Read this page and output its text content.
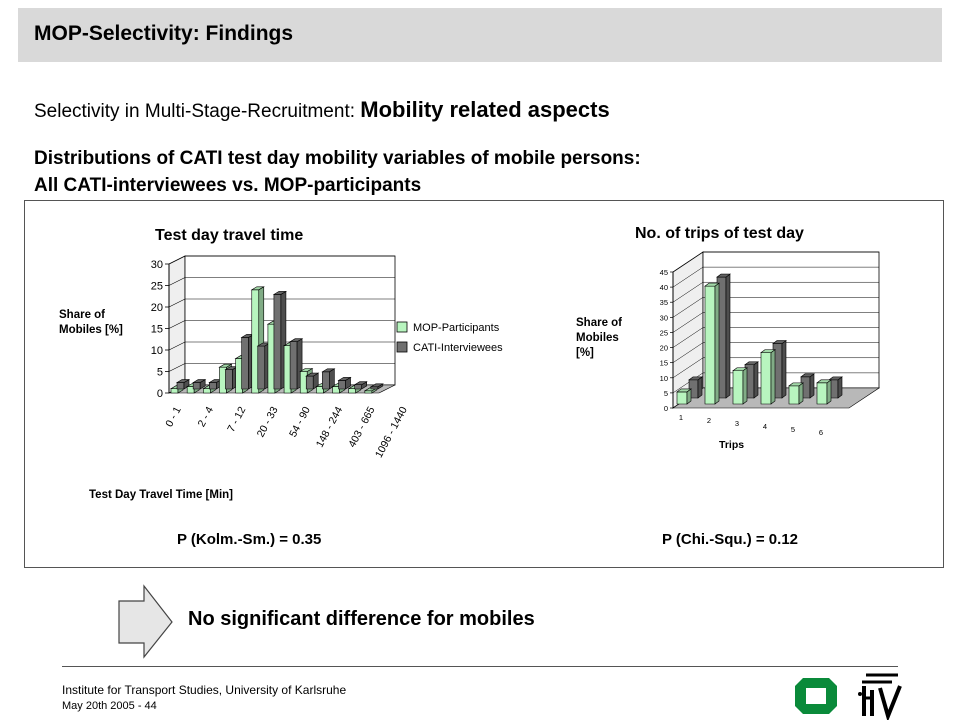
MOP-Selectivity: Findings
Selectivity in Multi-Stage-Recruitment: Mobility related aspects
Distributions of CATI test day mobility variables of mobile persons:
All CATI-interviewees vs. MOP-participants
Test day travel time	No. of trips of test day
0
5
10
15
20
25
30
0 - 1 2 - 4 7 - 12 20 - 33 54 - 90 148 - 244 403 - 665
1096 - 1440
Share of Mobiles [%]
Test Day Travel Time [Min]
MOP-Participants
CATI-Interviewees
0
5
10
15
20
25
30
35
40
45
1	2	3	4	5	6
Share of Mobiles [%]
Trips
P (Kolm.-Sm.) = 0.35	P (Chi.-Squ.) = 0.12
No significant difference for mobiles
Institute for Transport Studies, University of Karlsruhe
May 20th 2005 - 44
